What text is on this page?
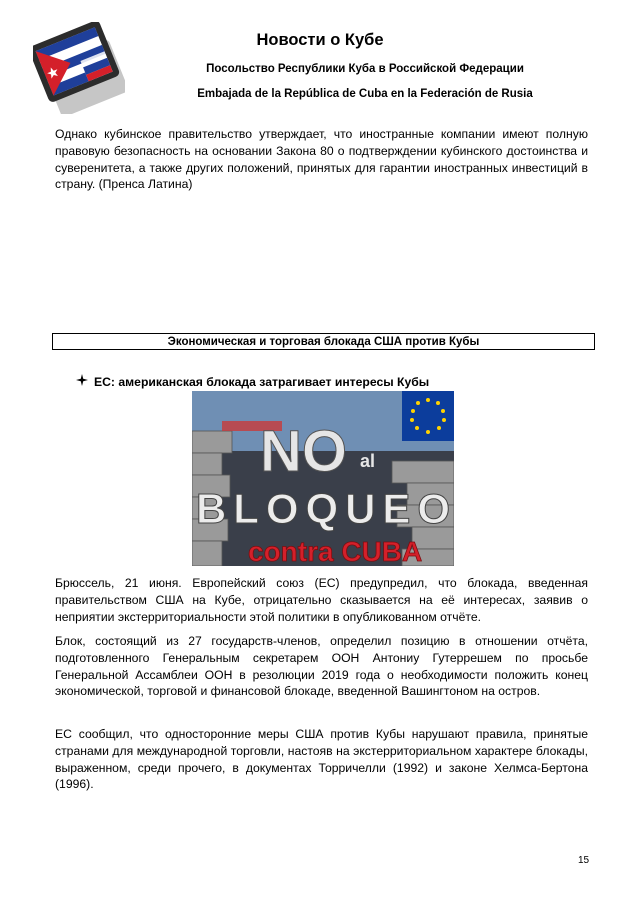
Новости о Кубе
Посольство Республики Куба в Российской Федерации
Embajada de la República de Cuba en la Federación de Rusia
Однако кубинское правительство утверждает, что иностранные компании имеют полную правовую безопасность на основании Закона 80 о подтверждении кубинского достоинства и суверенитета, а также других положений, принятых для гарантии иностранных инвестиций в страну. (Пренса Латина)
Экономическая и торговая блокада США против Кубы
ЕС: американская блокада затрагивает интересы Кубы
NO al
BLOQUEO
contra CUBA
Брюссель, 21 июня. Европейский союз (ЕС) предупредил, что блокада, введенная правительством США на Кубе, отрицательно сказывается на её интересах, заявив о неприятии экстерриториальности этой политики в опубликованном отчёте.
Блок, состоящий из 27 государств-членов, определил позицию в отношении отчёта, подготовленного Генеральным секретарем ООН Антониу Гутеррешем по просьбе Генеральной Ассамблеи ООН в резолюции 2019 года о необходимости положить конец экономической, торговой и финансовой блокаде, введенной Вашингтоном на остров.
ЕС сообщил, что односторонние меры США против Кубы нарушают правила, принятые странами для международной торговли, настояв на экстерриториальном характере блокады, выраженном, среди прочего, в документах Торричелли (1992) и законе Хелмса-Бертона (1996).
15
